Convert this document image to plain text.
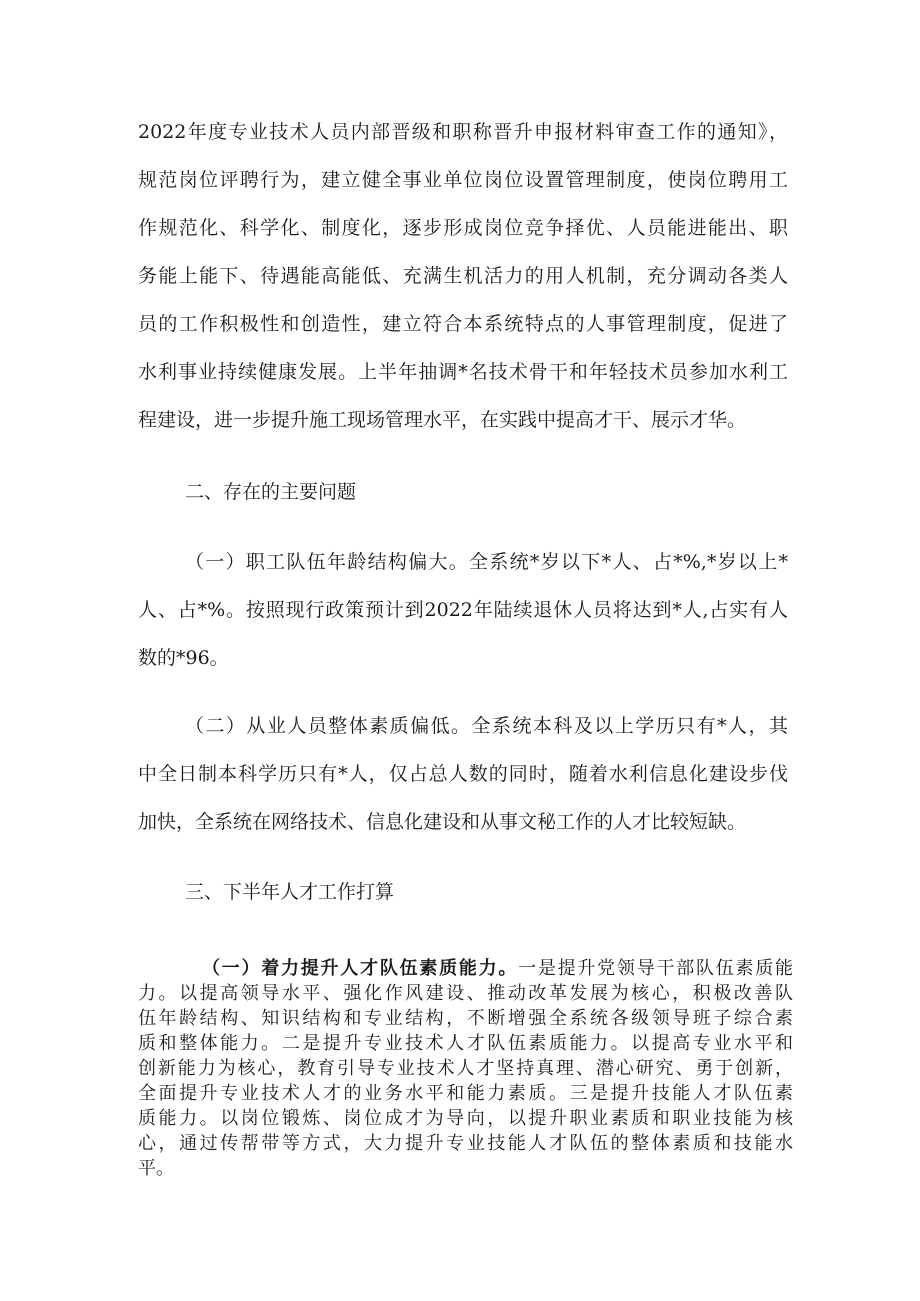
2022年度专业技术人员内部晋级和职称晋升申报材料审查工作的通知》，
规范岗位评聘行为，建立健全事业单位岗位设置管理制度，使岗位聘用工
作规范化、科学化、制度化，逐步形成岗位竞争择优、人员能进能出、职
务能上能下、待遇能高能低、充满生机活力的用人机制，充分调动各类人
员的工作积极性和创造性，建立符合本系统特点的人事管理制度，促进了
水利事业持续健康发展。上半年抽调*名技术骨干和年轻技术员参加水利工
程建设，进一步提升施工现场管理水平，在实践中提高才干、展示才华。
二、存在的主要问题
（一）职工队伍年龄结构偏大。全系统*岁以下*人、占*%,*岁以上*
人、占*%。按照现行政策预计到2022年陆续退休人员将达到*人,占实有人
数的*96。
（二）从业人员整体素质偏低。全系统本科及以上学历只有*人，其
中全日制本科学历只有*人，仅占总人数的同时，随着水利信息化建设步伐
加快，全系统在网络技术、信息化建设和从事文秘工作的人才比较短缺。
三、下半年人才工作打算
（一）着力提升人才队伍素质能力。一是提升党领导干部队伍素质能
力。以提高领导水平、强化作风建设、推动改革发展为核心，积极改善队
伍年龄结构、知识结构和专业结构，不断增强全系统各级领导班子综合素
质和整体能力。二是提升专业技术人才队伍素质能力。以提高专业水平和
创新能力为核心，教育引导专业技术人才坚持真理、潜心研究、勇于创新，
全面提升专业技术人才的业务水平和能力素质。三是提升技能人才队伍素
质能力。以岗位锻炼、岗位成才为导向，以提升职业素质和职业技能为核
心，通过传帮带等方式，大力提升专业技能人才队伍的整体素质和技能水
平。
